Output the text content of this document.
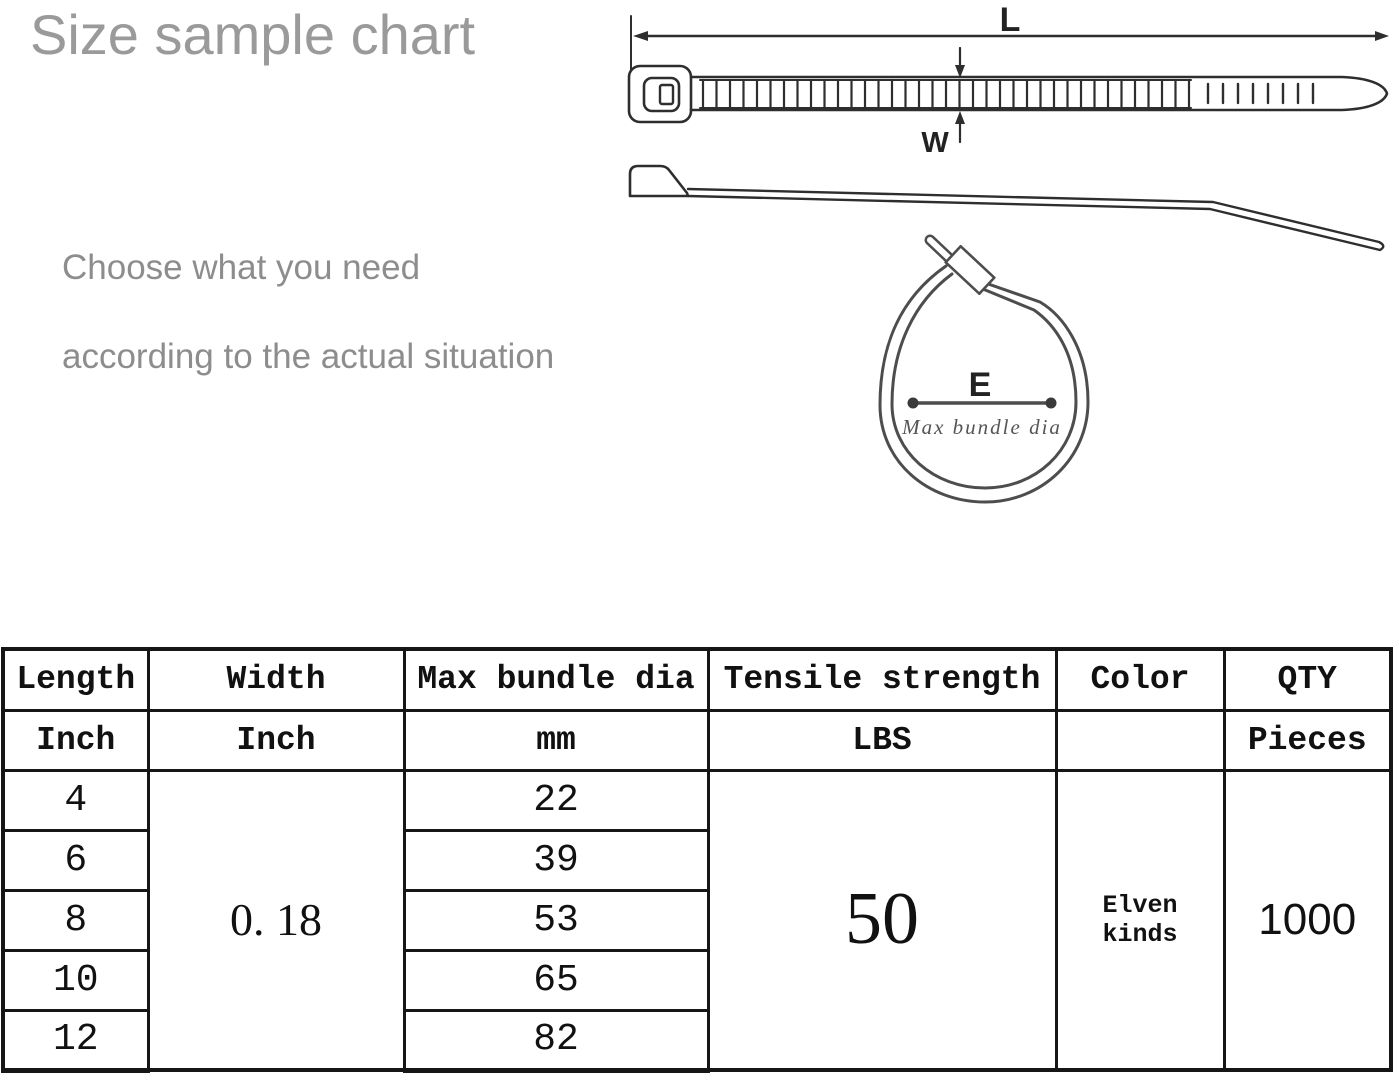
Size sample chart
Choose what you need
according to the actual situation
L
W
E
Max bundle dia
Length	Width	Max bundle dia	Tensile strength	Color	QTY
Inch	Inch	mm	LBS		Pieces
4	0. 18	22	50	Elven kinds	1000
6		39			
8		53			
10		65			
12		82			
